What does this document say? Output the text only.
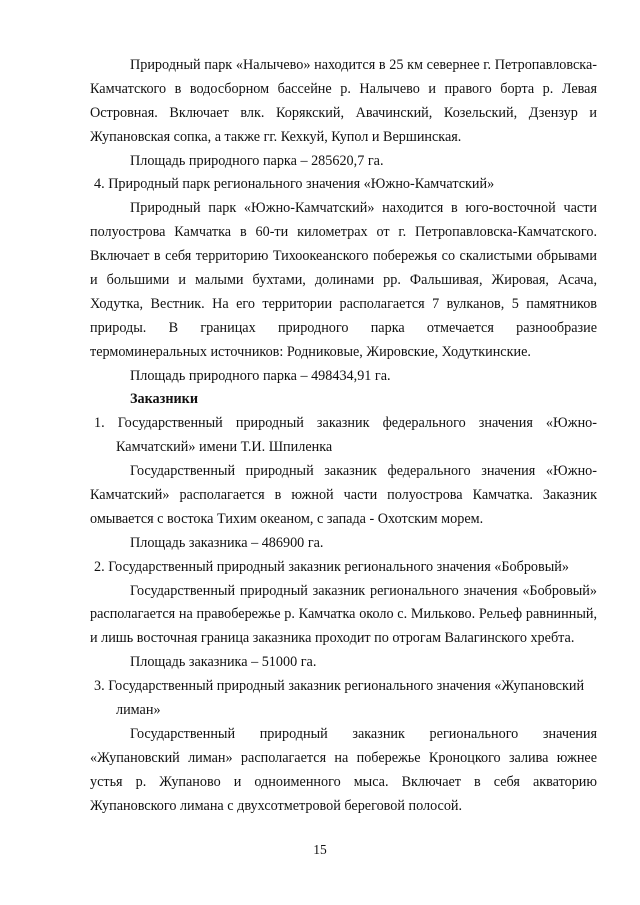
Природный парк «Налычево» находится в 25 км севернее г. Петропавловска-
Камчатского в водосборном бассейне р. Налычево и правого борта р. Левая
Островная. Включает влк. Корякский, Авачинский, Козельский, Дзензур и
Жупановская сопка, а также гг. Кехкуй, Купол и Вершинская.
Площадь природного парка – 285620,7 га.
4. Природный парк регионального значения «Южно-Камчатский»
Природный парк «Южно-Камчатский» находится в юго-восточной части
полуострова Камчатка в 60-ти километрах от г. Петропавловска-Камчатского.
Включает в себя территорию Тихоокеанского побережья со скалистыми обрывами
и большими и малыми бухтами, долинами рр. Фальшивая, Жировая, Асача,
Ходутка, Вестник. На его территории располагается 7 вулканов, 5 памятников
природы. В границах природного парка отмечается разнообразие
термоминеральных источников: Родниковые, Жировские, Ходуткинские.
Площадь природного парка – 498434,91 га.
Заказники
1. Государственный природный заказник федерального значения «Южно-
Камчатский» имени Т.И. Шпиленка
Государственный природный заказник федерального значения «Южно-
Камчатский» располагается в южной части полуострова Камчатка. Заказник
омывается с востока Тихим океаном, с запада - Охотским морем.
Площадь заказника – 486900 га.
2. Государственный природный заказник регионального значения «Бобровый»
Государственный природный заказник регионального значения «Бобровый»
располагается на правобережье р. Камчатка около с. Мильково. Рельеф равнинный,
и лишь восточная граница заказника проходит по отрогам Валагинского хребта.
Площадь заказника – 51000 га.
3. Государственный природный заказник регионального значения «Жупановский
лиман»
Государственный природный заказник регионального значения
«Жупановский лиман» располагается на побережье Кроноцкого залива южнее
устья р. Жупаново и одноименного мыса. Включает в себя акваторию
Жупановского лимана с двухсотметровой береговой полосой.
15
